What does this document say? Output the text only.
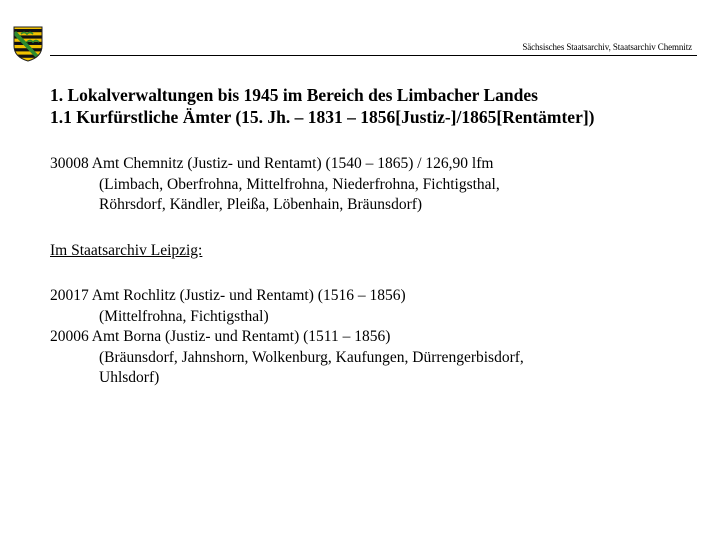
Sächsisches Staatsarchiv, Staatsarchiv Chemnitz
1. Lokalverwaltungen bis 1945 im Bereich des Limbacher Landes
1.1 Kurfürstliche Ämter (15. Jh. – 1831 – 1856[Justiz-]/1865[Rentämter])
30008 Amt Chemnitz (Justiz- und Rentamt) (1540 – 1865) / 126,90 lfm
(Limbach, Oberfrohna, Mittelfrohna, Niederfrohna, Fichtigsthal,
Röhrsdorf, Kändler, Pleißa, Löbenhain, Bräunsdorf)
Im Staatsarchiv Leipzig:
20017 Amt Rochlitz (Justiz- und Rentamt) (1516 – 1856)
(Mittelfrohna, Fichtigsthal)
20006 Amt Borna (Justiz- und Rentamt) (1511 – 1856)
(Bräunsdorf, Jahnshorn, Wolkenburg, Kaufungen, Dürrengerbisdorf,
Uhlsdorf)
